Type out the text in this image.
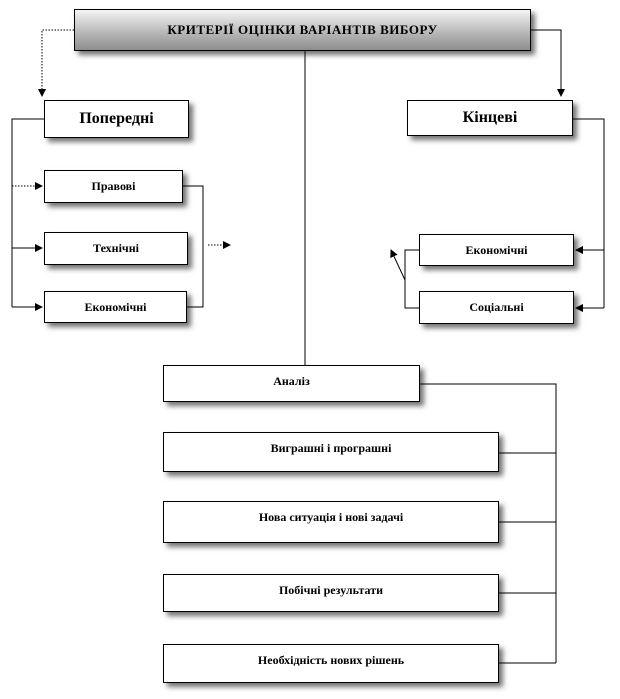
КРИТЕРІЇ ОЦІНКИ ВАРІАНТІВ ВИБОРУ
Попередні
Правові
Технічні
Економічні
Кінцеві
Економічні
Соціальні
Аналіз
Виграшні і програшні
Нова ситуація і нові задачі
Побічні результати
Необхідність нових рішень
